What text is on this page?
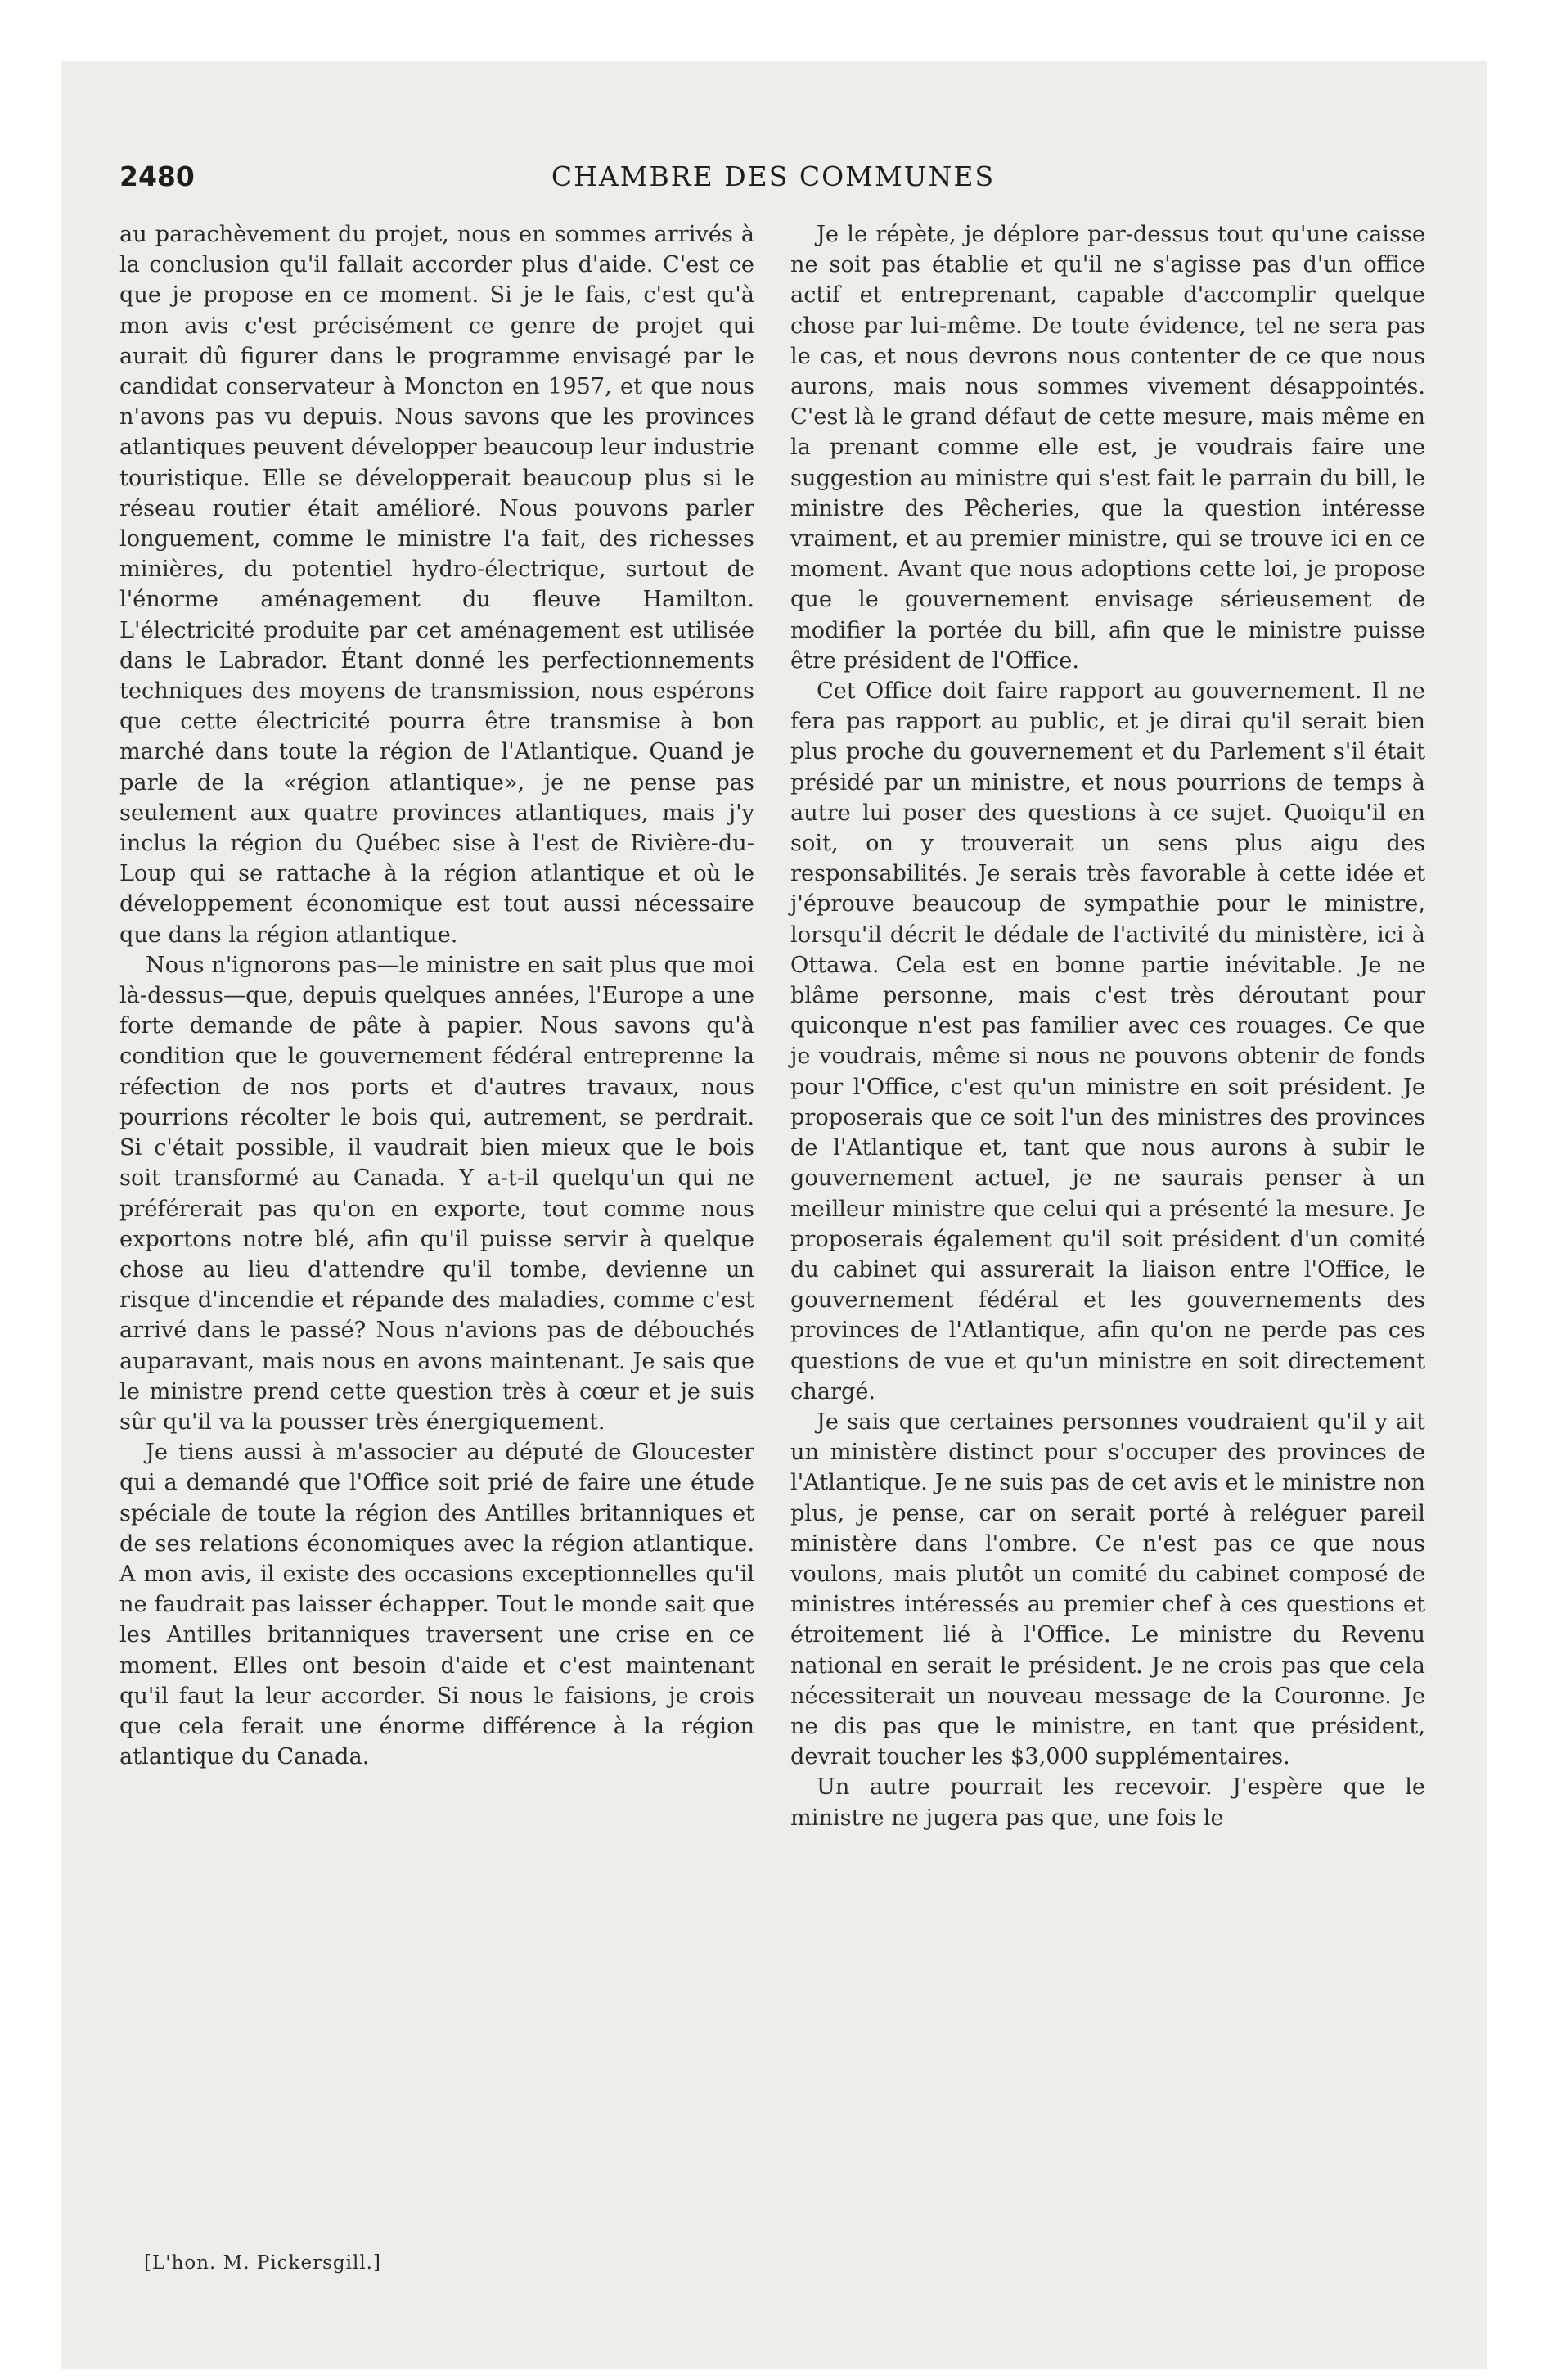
2480	CHAMBRE DES COMMUNES

au parachèvement du projet, nous en sommes arrivés à la conclusion qu'il fallait accorder plus d'aide. C'est ce que je propose en ce moment. Si je le fais, c'est qu'à mon avis c'est précisément ce genre de projet qui aurait dû figurer dans le programme envisagé par le candidat conservateur à Moncton en 1957, et que nous n'avons pas vu depuis. Nous savons que les provinces atlantiques peuvent développer beaucoup leur industrie touristique. Elle se développerait beaucoup plus si le réseau routier était amélioré. Nous pouvons parler longuement, comme le ministre l'a fait, des richesses minières, du potentiel hydro-électrique, surtout de l'énorme aménagement du fleuve Hamilton. L'électricité produite par cet aménagement est utilisée dans le Labrador. Étant donné les perfectionnements techniques des moyens de transmission, nous espérons que cette électricité pourra être transmise à bon marché dans toute la région de l'Atlantique. Quand je parle de la «région atlantique», je ne pense pas seulement aux quatre provinces atlantiques, mais j'y inclus la région du Québec sise à l'est de Rivière-du-Loup qui se rattache à la région atlantique et où le développement économique est tout aussi nécessaire que dans la région atlantique.

Nous n'ignorons pas—le ministre en sait plus que moi là-dessus—que, depuis quelques années, l'Europe a une forte demande de pâte à papier. Nous savons qu'à condition que le gouvernement fédéral entreprenne la réfection de nos ports et d'autres travaux, nous pourrions récolter le bois qui, autrement, se perdrait. Si c'était possible, il vaudrait bien mieux que le bois soit transformé au Canada. Y a-t-il quelqu'un qui ne préférerait pas qu'on en exporte, tout comme nous exportons notre blé, afin qu'il puisse servir à quelque chose au lieu d'attendre qu'il tombe, devienne un risque d'incendie et répande des maladies, comme c'est arrivé dans le passé? Nous n'avions pas de débouchés auparavant, mais nous en avons maintenant. Je sais que le ministre prend cette question très à cœur et je suis sûr qu'il va la pousser très énergiquement.

Je tiens aussi à m'associer au député de Gloucester qui a demandé que l'Office soit prié de faire une étude spéciale de toute la région des Antilles britanniques et de ses relations économiques avec la région atlantique. A mon avis, il existe des occasions exceptionnelles qu'il ne faudrait pas laisser échapper. Tout le monde sait que les Antilles britanniques traversent une crise en ce moment. Elles ont besoin d'aide et c'est maintenant qu'il faut la leur accorder. Si nous le faisions, je crois que cela ferait une énorme différence à la région atlantique du Canada.

Je le répète, je déplore par-dessus tout qu'une caisse ne soit pas établie et qu'il ne s'agisse pas d'un office actif et entreprenant, capable d'accomplir quelque chose par lui-même. De toute évidence, tel ne sera pas le cas, et nous devrons nous contenter de ce que nous aurons, mais nous sommes vivement désappointés. C'est là le grand défaut de cette mesure, mais même en la prenant comme elle est, je voudrais faire une suggestion au ministre qui s'est fait le parrain du bill, le ministre des Pêcheries, que la question intéresse vraiment, et au premier ministre, qui se trouve ici en ce moment. Avant que nous adoptions cette loi, je propose que le gouvernement envisage sérieusement de modifier la portée du bill, afin que le ministre puisse être président de l'Office.

Cet Office doit faire rapport au gouvernement. Il ne fera pas rapport au public, et je dirai qu'il serait bien plus proche du gouvernement et du Parlement s'il était présidé par un ministre, et nous pourrions de temps à autre lui poser des questions à ce sujet. Quoiqu'il en soit, on y trouverait un sens plus aigu des responsabilités. Je serais très favorable à cette idée et j'éprouve beaucoup de sympathie pour le ministre, lorsqu'il décrit le dédale de l'activité du ministère, ici à Ottawa. Cela est en bonne partie inévitable. Je ne blâme personne, mais c'est très déroutant pour quiconque n'est pas familier avec ces rouages. Ce que je voudrais, même si nous ne pouvons obtenir de fonds pour l'Office, c'est qu'un ministre en soit président. Je proposerais que ce soit l'un des ministres des provinces de l'Atlantique et, tant que nous aurons à subir le gouvernement actuel, je ne saurais penser à un meilleur ministre que celui qui a présenté la mesure. Je proposerais également qu'il soit président d'un comité du cabinet qui assurerait la liaison entre l'Office, le gouvernement fédéral et les gouvernements des provinces de l'Atlantique, afin qu'on ne perde pas ces questions de vue et qu'un ministre en soit directement chargé.

Je sais que certaines personnes voudraient qu'il y ait un ministère distinct pour s'occuper des provinces de l'Atlantique. Je ne suis pas de cet avis et le ministre non plus, je pense, car on serait porté à reléguer pareil ministère dans l'ombre. Ce n'est pas ce que nous voulons, mais plutôt un comité du cabinet composé de ministres intéressés au premier chef à ces questions et étroitement lié à l'Office. Le ministre du Revenu national en serait le président. Je ne crois pas que cela nécessiterait un nouveau message de la Couronne. Je ne dis pas que le ministre, en tant que président, devrait toucher les $3,000 supplémentaires.

Un autre pourrait les recevoir. J'espère que le ministre ne jugera pas que, une fois le

[L'hon. M. Pickersgill.]
